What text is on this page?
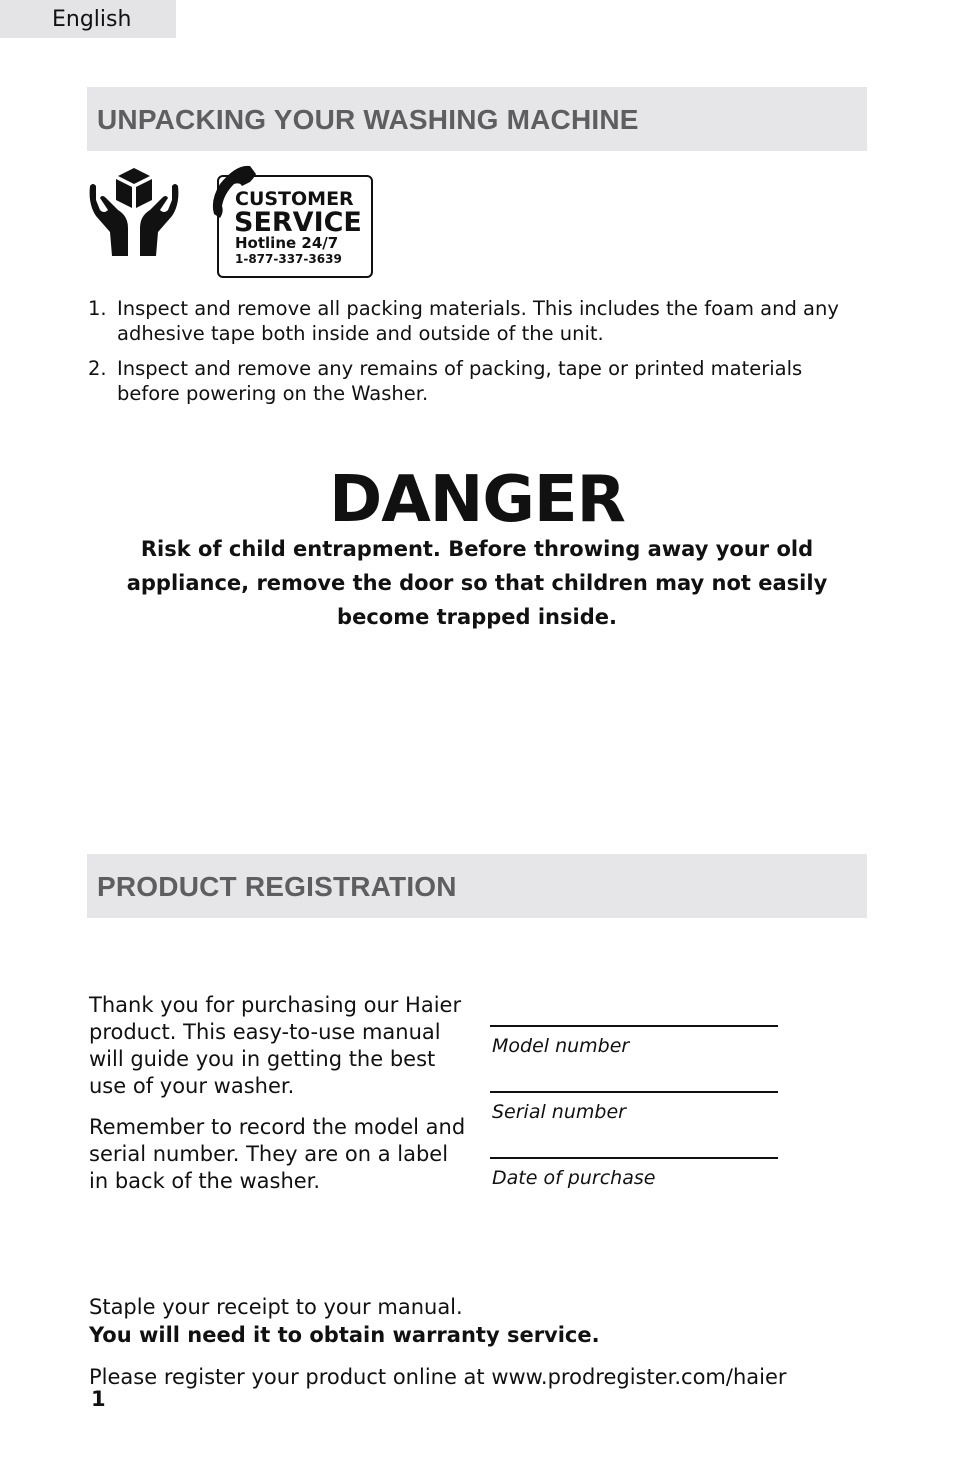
English
UNPACKING YOUR WASHING MACHINE
CUSTOMER
SERVICE
Hotline 24/7
1-877-337-3639
1. Inspect and remove all packing materials. This includes the foam and any adhesive tape both inside and outside of the unit.
2. Inspect and remove any remains of packing, tape or printed materials before powering on the Washer.
DANGER
Risk of child entrapment. Before throwing away your old appliance, remove the door so that children may not easily become trapped inside.
PRODUCT REGISTRATION

Thank you for purchasing our Haier product. This easy-to-use manual will guide you in getting the best use of your washer.

Remember to record the model and serial number. They are on a label in back of the washer.

Model number
Serial number
Date of purchase
Staple your receipt to your manual.
You will need it to obtain warranty service.
Please register your product online at www.prodregister.com/haier
1
